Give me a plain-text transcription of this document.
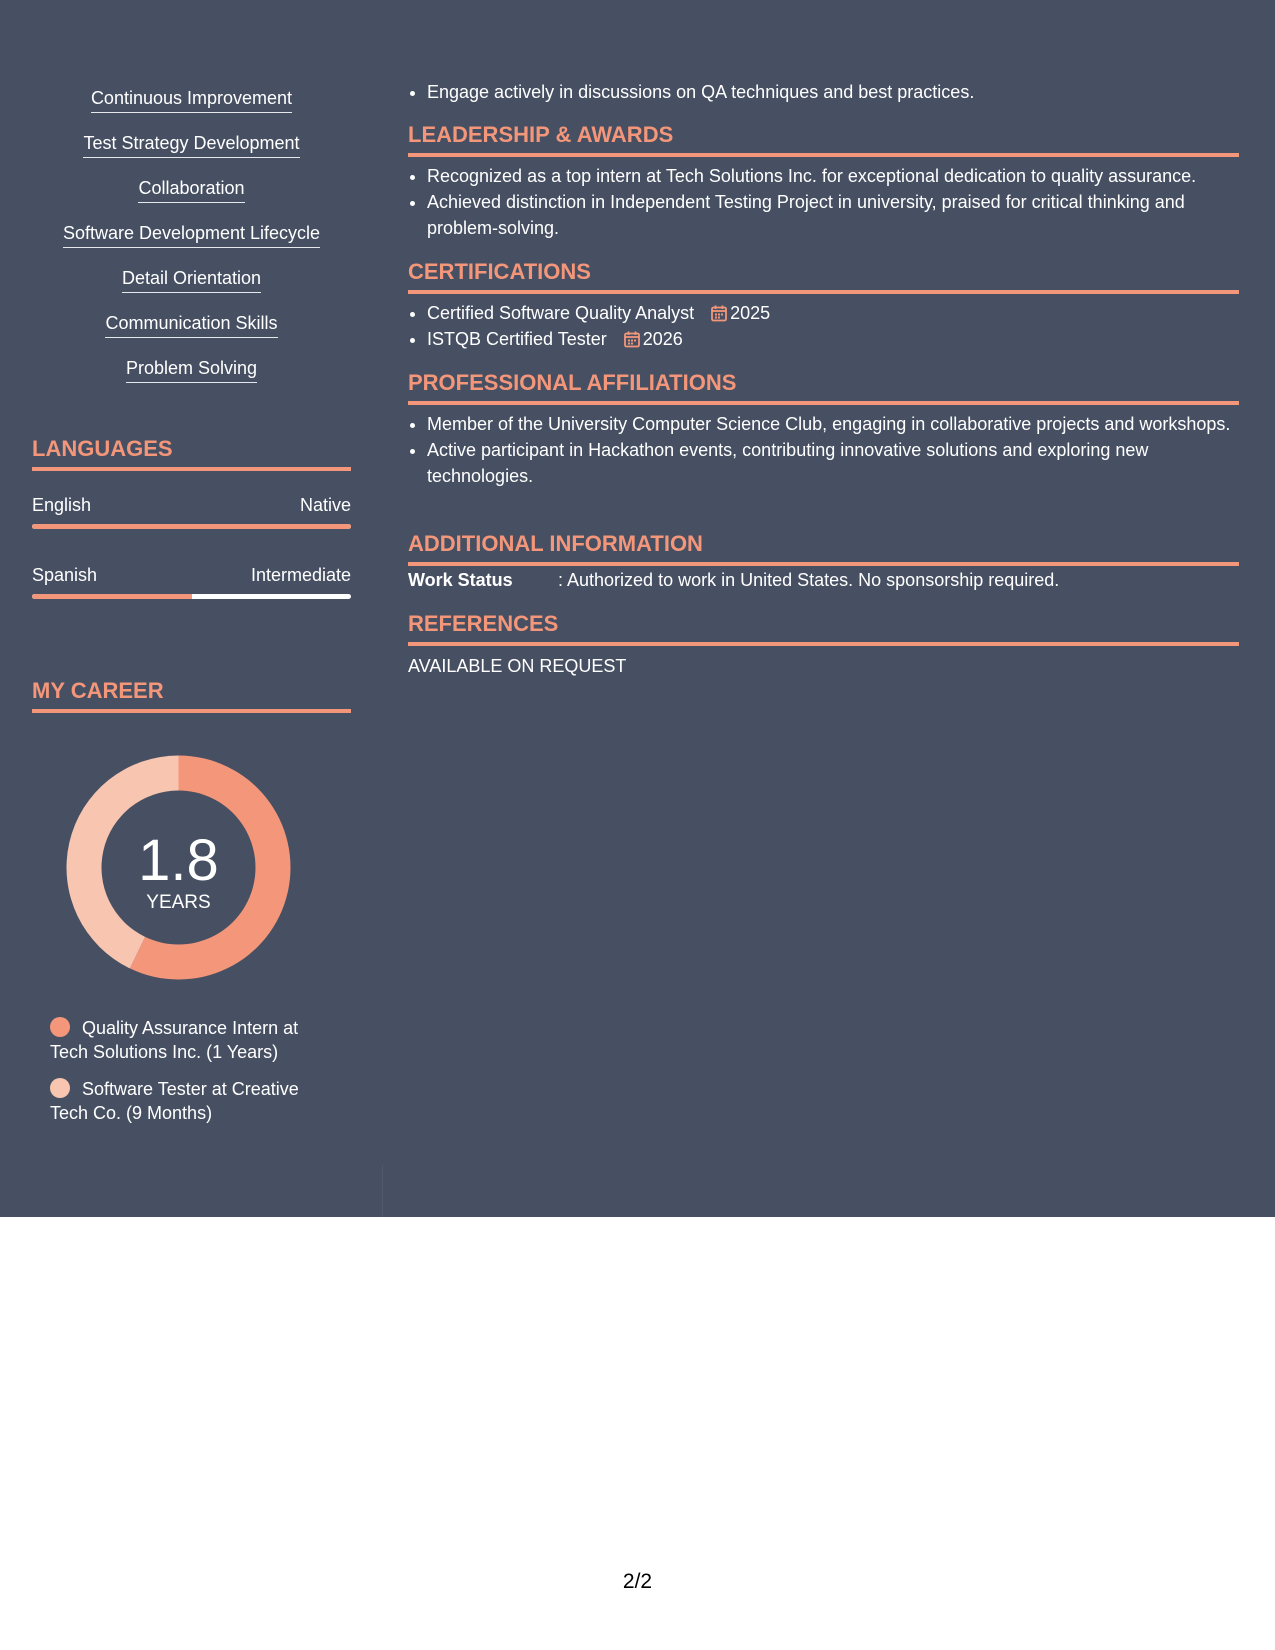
Continuous Improvement
Test Strategy Development
Collaboration
Software Development Lifecycle
Detail Orientation
Communication Skills
Problem Solving
LANGUAGES
English	Native
Spanish	Intermediate
MY CAREER
1.8
YEARS
Quality Assurance Intern at Tech Solutions Inc. (1 Years)
Software Tester at Creative Tech Co. (9 Months)
• Engage actively in discussions on QA techniques and best practices.
LEADERSHIP & AWARDS
• Recognized as a top intern at Tech Solutions Inc. for exceptional dedication to quality assurance.
• Achieved distinction in Independent Testing Project in university, praised for critical thinking and problem-solving.
CERTIFICATIONS
• Certified Software Quality Analyst 2025
• ISTQB Certified Tester 2026
PROFESSIONAL AFFILIATIONS
• Member of the University Computer Science Club, engaging in collaborative projects and workshops.
• Active participant in Hackathon events, contributing innovative solutions and exploring new technologies.
ADDITIONAL INFORMATION
Work Status	: Authorized to work in United States. No sponsorship required.
REFERENCES
AVAILABLE ON REQUEST
2/2
